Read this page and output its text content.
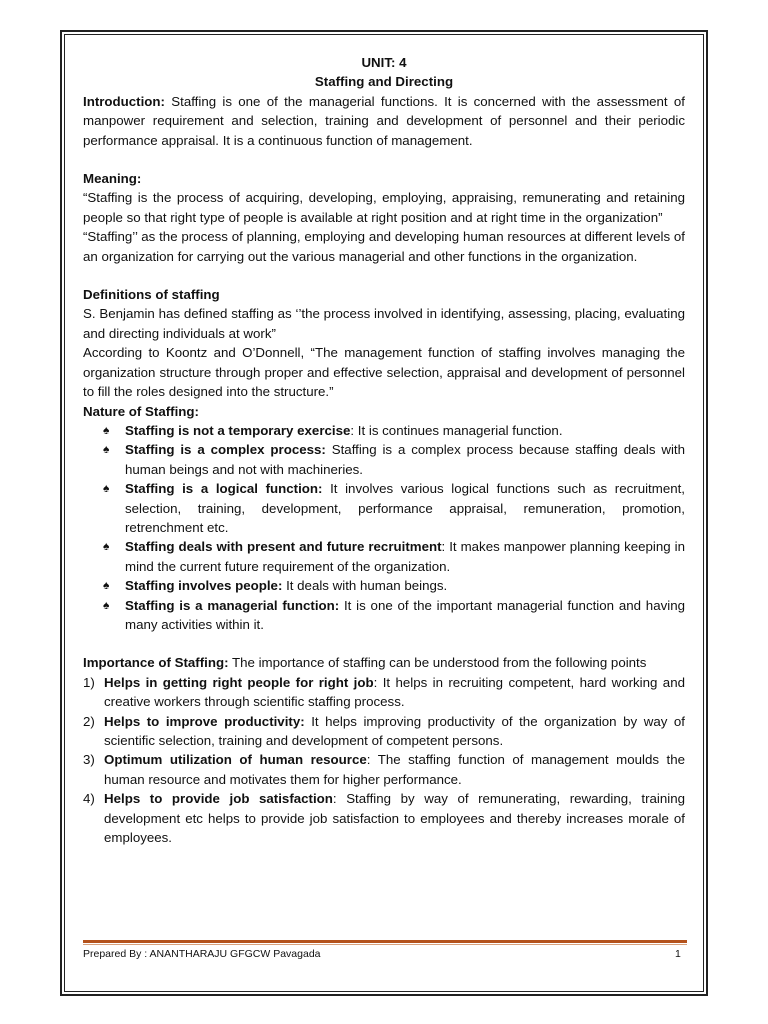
UNIT: 4
Staffing and Directing

Introduction: Staffing is one of the managerial functions. It is concerned with the assessment of manpower requirement and selection, training and development of personnel and their periodic performance appraisal. It is a continuous function of management.

Meaning:

“Staffing is the process of acquiring, developing, employing, appraising, remunerating and retaining people so that right type of people is available at right position and at right time in the organization”

“Staffing’’ as the process of planning, employing and developing human resources at different levels of an organization for carrying out the various managerial and other functions in the organization.

Definitions of staffing

S. Benjamin has defined staffing as ‘’the process involved in identifying, assessing, placing, evaluating and directing individuals at work”

According to Koontz and O’Donnell, “The management function of staffing involves managing the organization structure through proper and effective selection, appraisal and development of personnel to fill the roles designed into the structure.”

Nature of Staffing:

♠ Staffing is not a temporary exercise: It is continues managerial function.
♠ Staffing is a complex process: Staffing is a complex process because staffing deals with human beings and not with machineries.
♠ Staffing is a logical function: It involves various logical functions such as recruitment, selection, training, development, performance appraisal, remuneration, promotion, retrenchment etc.
♠ Staffing deals with present and future recruitment: It makes manpower planning keeping in mind the current future requirement of the organization.
♠ Staffing involves people: It deals with human beings.
♠ Staffing is a managerial function: It is one of the important managerial function and having many activities within it.

Importance of Staffing: The importance of staffing can be understood from the following points

1) Helps in getting right people for right job: It helps in recruiting competent, hard working and creative workers through scientific staffing process.
2) Helps to improve productivity: It helps improving productivity of the organization by way of scientific selection, training and development of competent persons.
3) Optimum utilization of human resource: The staffing function of management moulds the human resource and motivates them for higher performance.
4) Helps to provide job satisfaction: Staffing by way of remunerating, rewarding, training development etc helps to provide job satisfaction to employees and thereby increases morale of employees.
Prepared By : ANANTHARAJU GFGCW Pavagada	1
